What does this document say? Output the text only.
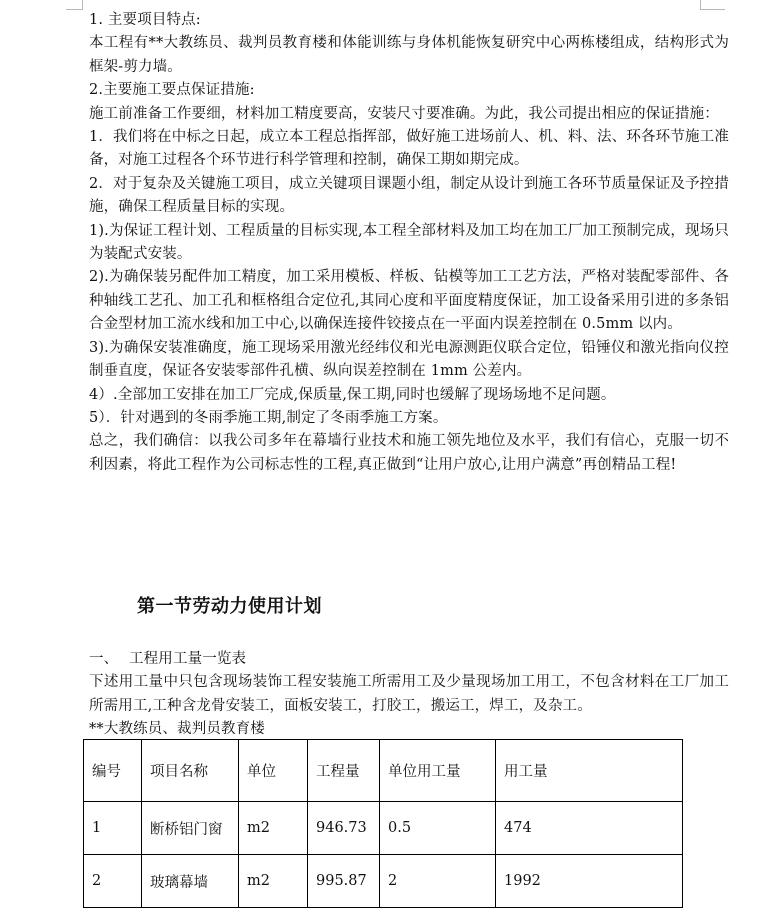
1. 主要项目特点:

本工程有**大教练员、裁判员教育楼和体能训练与身体机能恢复研究中心两栋楼组成，结构形式为框架-剪力墙。

2.主要施工要点保证措施:

施工前准备工作要细，材料加工精度要高，安装尺寸要准确。为此，我公司提出相应的保证措施：

1．我们将在中标之日起，成立本工程总指挥部，做好施工进场前人、机、料、法、环各环节施工准备，对施工过程各个环节进行科学管理和控制，确保工期如期完成。

2．对于复杂及关键施工项目，成立关键项目课题小组，制定从设计到施工各环节质量保证及予控措施，确保工程质量目标的实现。

1).为保证工程计划、工程质量的目标实现,本工程全部材料及加工均在加工厂加工预制完成，现场只为装配式安装。

2).为确保装另配件加工精度，加工采用模板、样板、钻模等加工工艺方法，严格对装配零部件、各种轴线工艺孔、加工孔和框格组合定位孔,其同心度和平面度精度保证，加工设备采用引进的多条铝合金型材加工流水线和加工中心,以确保连接件铰接点在一平面内误差控制在 0.5mm 以内。

3).为确保安装准确度，施工现场采用激光经纬仪和光电源测距仪联合定位，铅锤仪和激光指向仪控制垂直度，保证各安装零部件孔横、纵向误差控制在 1mm 公差内。

4）.全部加工安排在加工厂完成,保质量,保工期,同时也缓解了现场场地不足问题。

5）．针对遇到的冬雨季施工期,制定了冬雨季施工方案。

总之，我们确信：以我公司多年在幕墙行业技术和施工领先地位及水平，我们有信心，克服一切不利因素，将此工程作为公司标志性的工程,真正做到“让用户放心,让用户满意”再创精品工程!

第一节劳动力使用计划

一、 工程用工量一览表

下述用工量中只包含现场装饰工程安装施工所需用工及少量现场加工用工，不包含材料在工厂加工所需用工,工种含龙骨安装工，面板安装工，打胶工，搬运工，焊工，及杂工。

**大教练员、裁判员教育楼

编号	项目名称	单位	工程量	单位用工量	用工量
1	断桥铝门窗	m2	946.73	0.5	474
2	玻璃幕墙	m2	995.87	2	1992
